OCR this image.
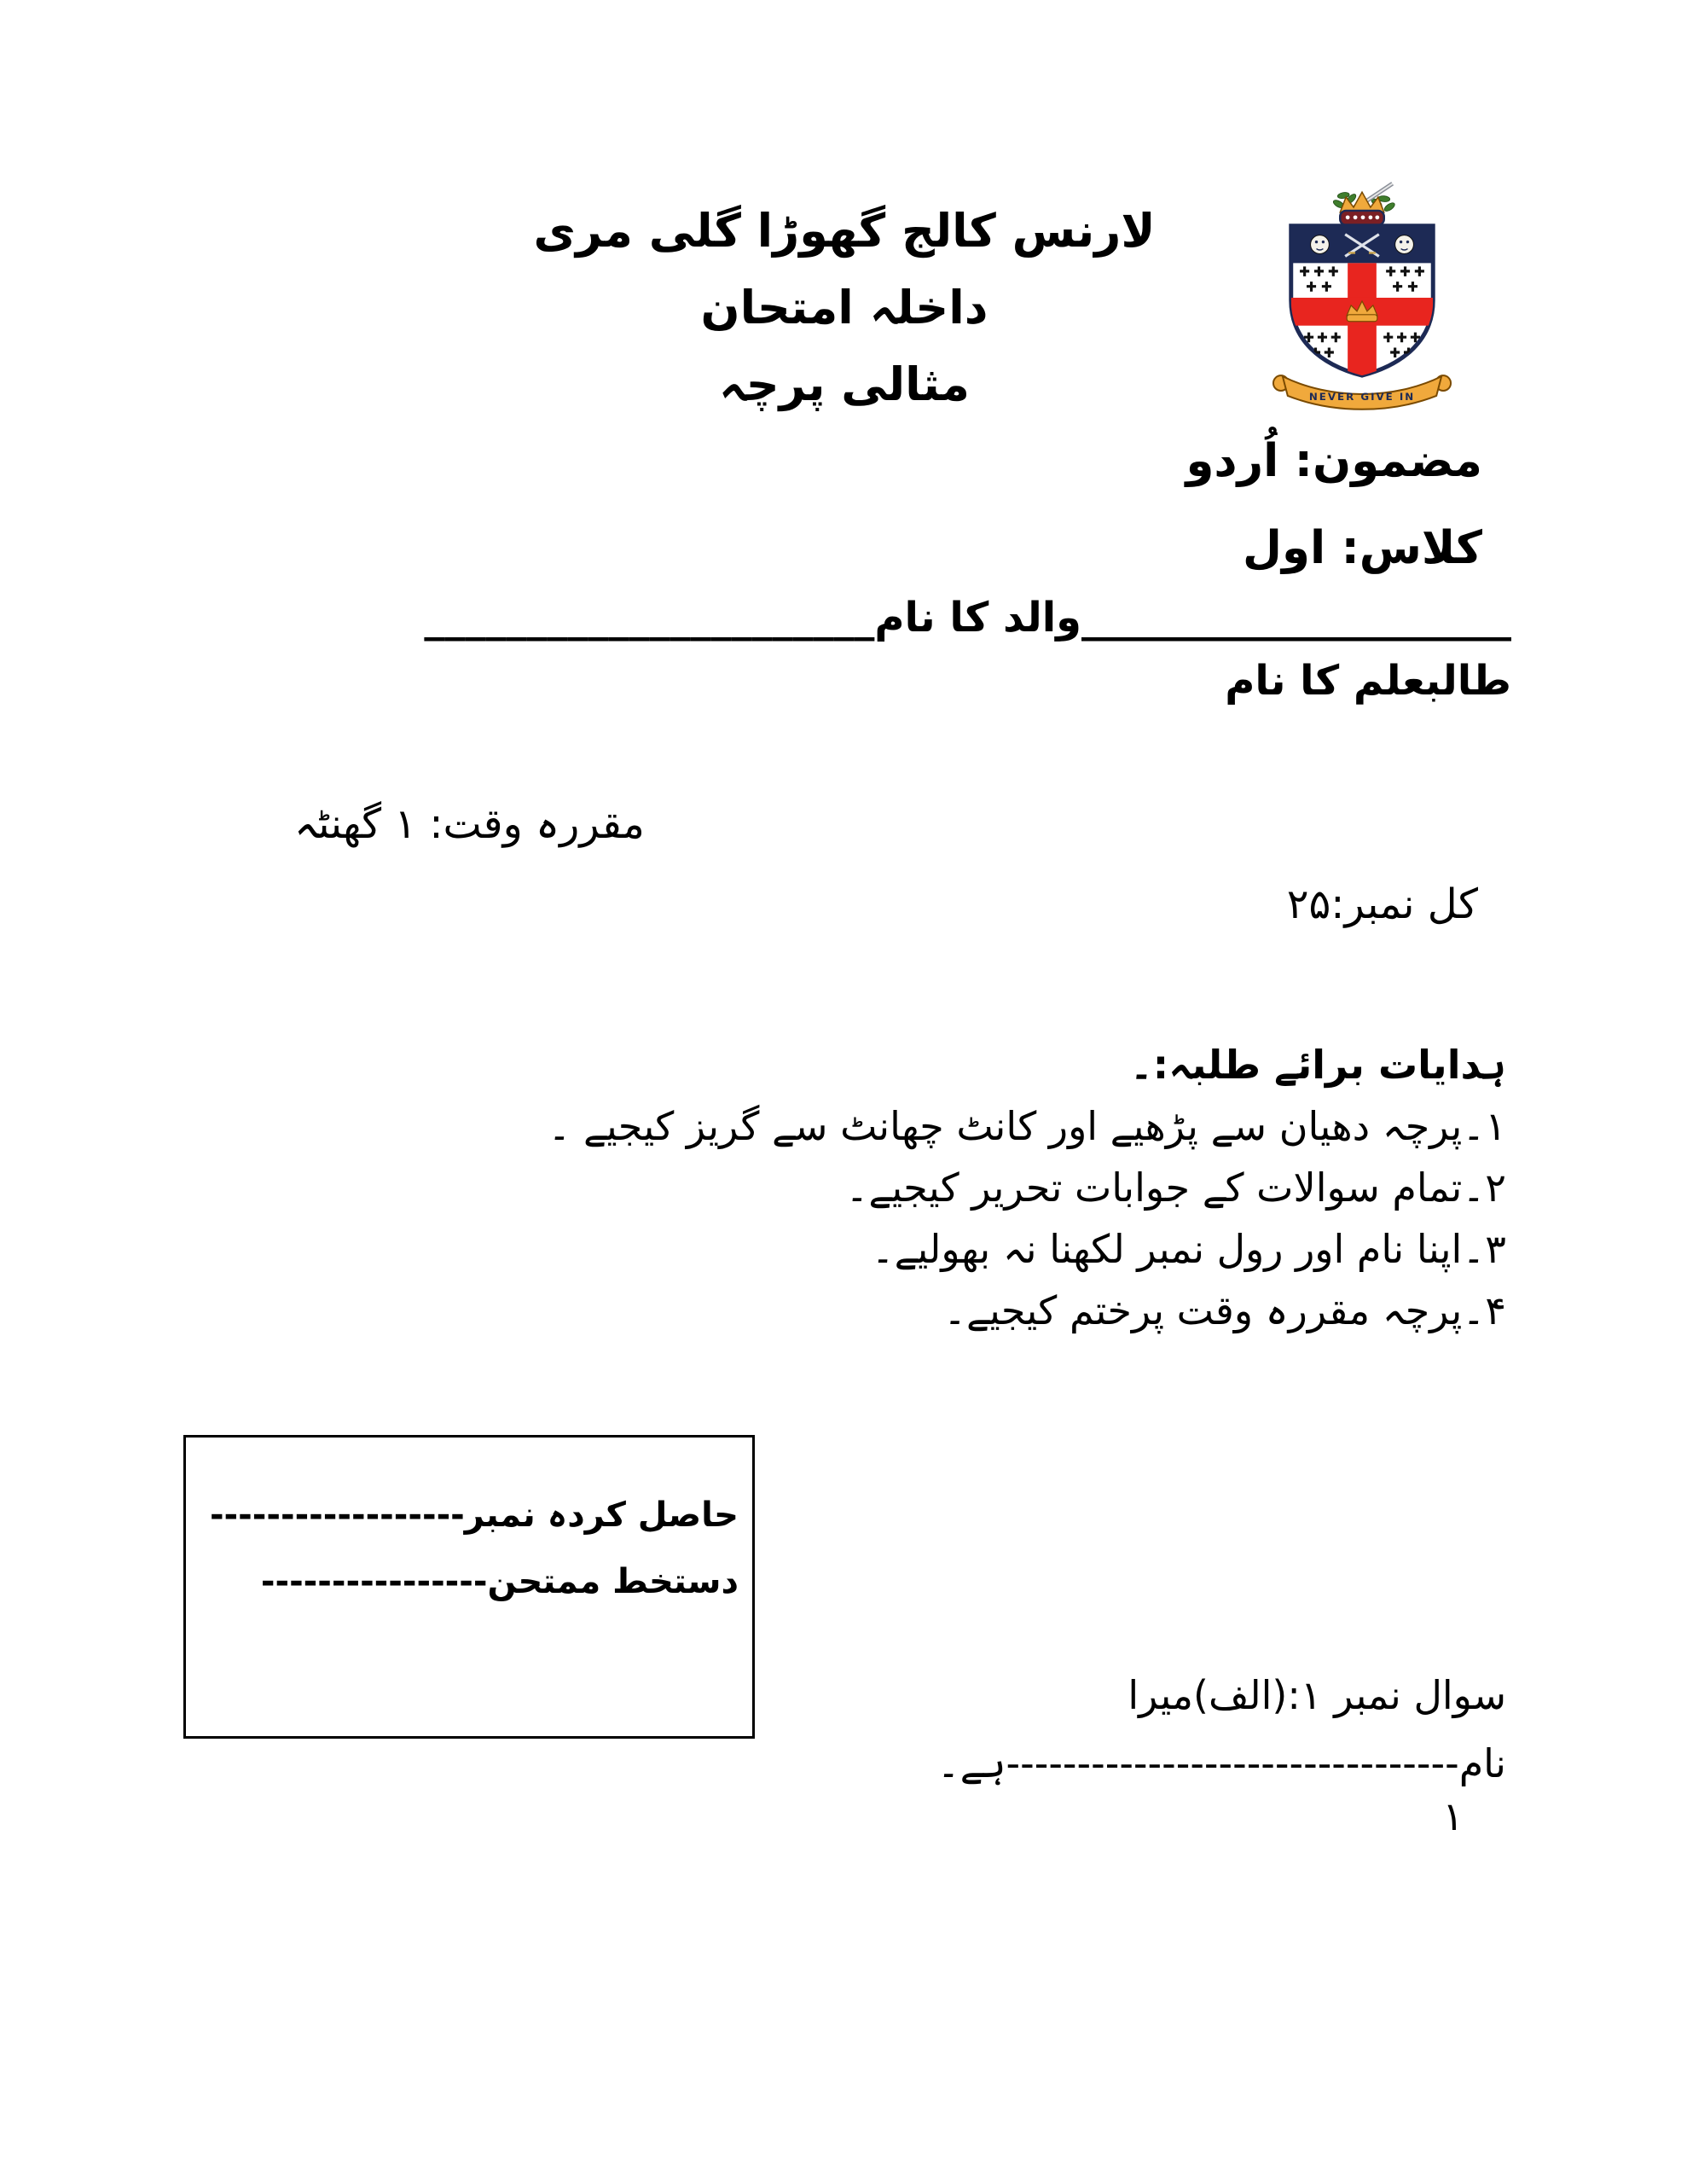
لارنس کالج گھوڑا گلی مری
داخلہ امتحان
مثالی پرچہ	NEVER GIVE IN
مضمون: اُردو
کلاس: اول
_____________________والد کا نام______________________
طالبعلم کا نام
مقررہ وقت: ۱ گھنٹہ
کل نمبر:۲۵
ہدایات برائے طلبہ:۔
۱۔پرچہ دھیان سے پڑھیے اور کانٹ چھانٹ سے گریز کیجیے ۔
۲۔تمام سوالات کے جوابات تحریر کیجیے۔
۳۔اپنا نام اور رول نمبر لکھنا نہ بھولیے۔
۴۔پرچہ مقررہ وقت پرختم کیجیے۔
حاصل کردہ نمبر------------------
دستخط ممتحن----------------
سوال نمبر ۱:(الف)میرا
نام--------------------------------ہے۔
۱
